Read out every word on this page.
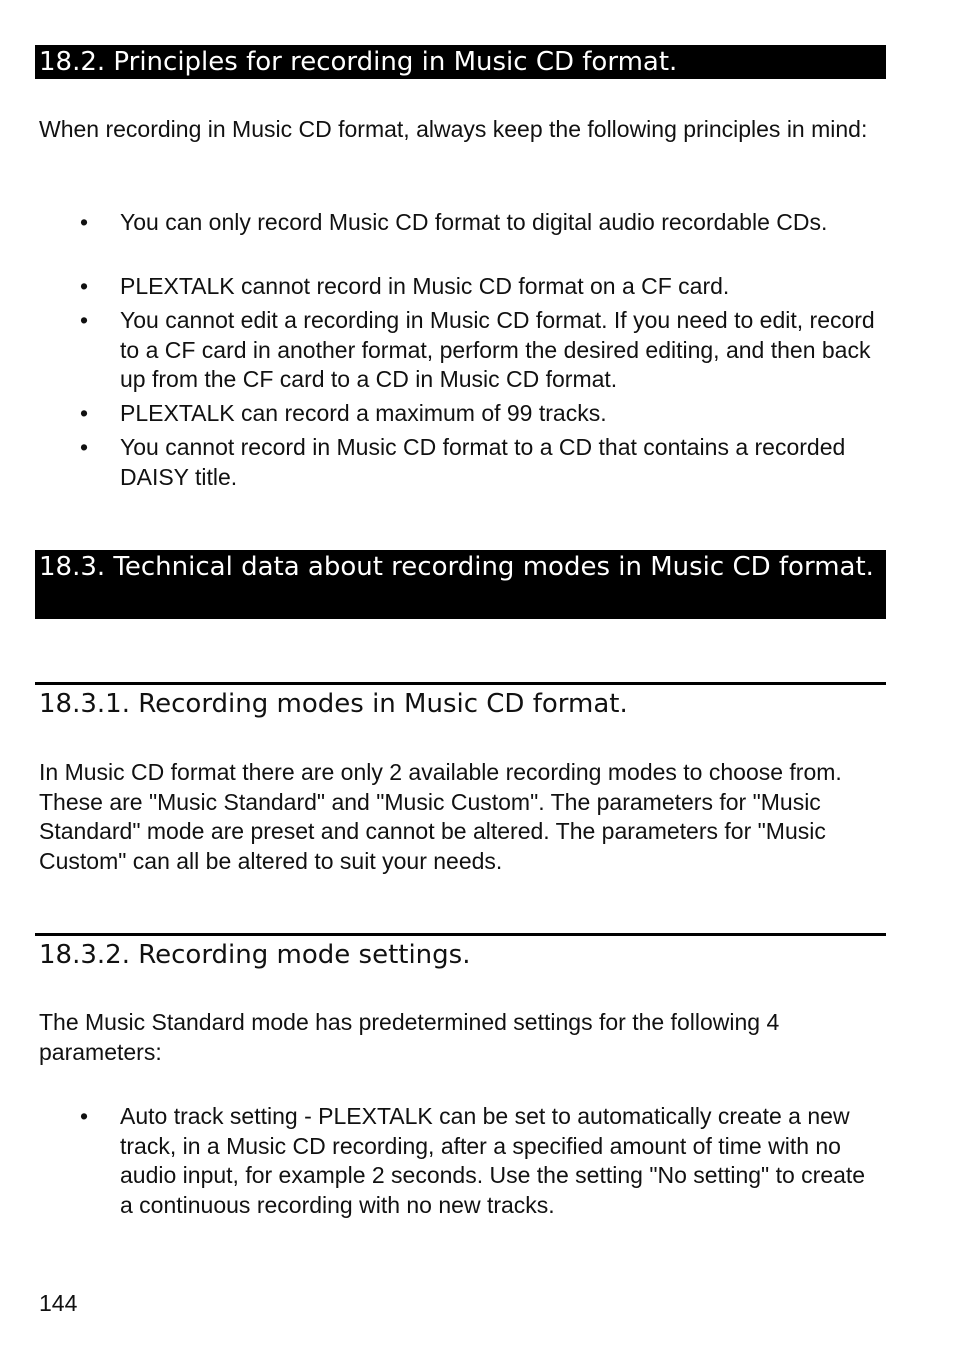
18.2. Principles for recording in Music CD format.

When recording in Music CD format, always keep the following principles in mind:

•	You can only record Music CD format to digital audio recordable CDs.
•	PLEXTALK cannot record in Music CD format on a CF card.
•	You cannot edit a recording in Music CD format. If you need to edit, record to a CF card in another format, perform the desired editing, and then back up from the CF card to a CD in Music CD format.
•	PLEXTALK can record a maximum of 99 tracks.
•	You cannot record in Music CD format to a CD that contains a recorded DAISY title.
18.3. Technical data about recording modes in Music CD format.
18.3.1. Recording modes in Music CD format.

In Music CD format there are only 2 available recording modes to choose from. These are "Music Standard" and "Music Custom". The parameters for "Music Standard" mode are preset and cannot be altered. The parameters for "Music Custom" can all be altered to suit your needs.

18.3.2. Recording mode settings.

The Music Standard mode has predetermined settings for the following 4 parameters:

•	Auto track setting - PLEXTALK can be set to automatically create a new track, in a Music CD recording, after a specified amount of time with no audio input, for example 2 seconds. Use the setting "No setting" to create a continuous recording with no new tracks.
144
